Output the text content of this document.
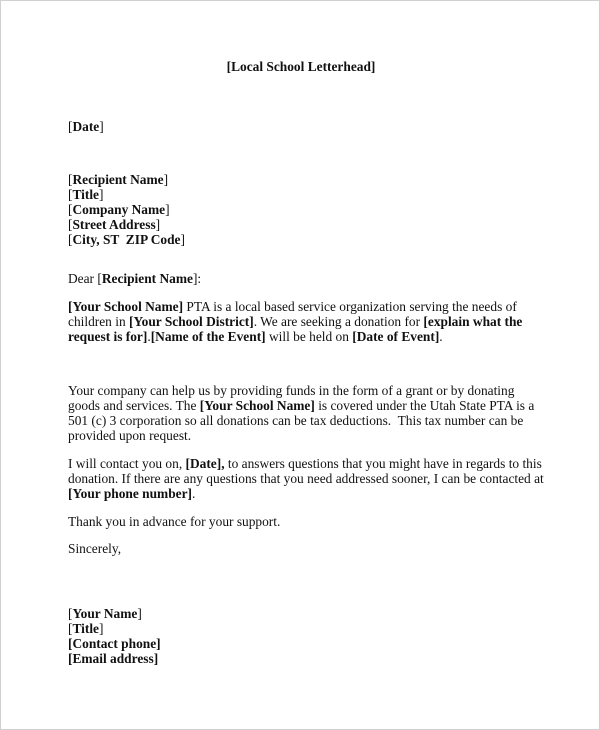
[Local School Letterhead]
[Date]
[Recipient Name]
[Title]
[Company Name]
[Street Address]
[City, ST  ZIP Code]
Dear [Recipient Name]:
[Your School Name] PTA is a local based service organization serving the needs of
children in [Your School District]. We are seeking a donation for [explain what the
request is for].[Name of the Event] will be held on [Date of Event].
Your company can help us by providing funds in the form of a grant or by donating
goods and services. The [Your School Name] is covered under the Utah State PTA is a
501 (c) 3 corporation so all donations can be tax deductions.  This tax number can be
provided upon request.
I will contact you on, [Date], to answers questions that you might have in regards to this
donation. If there are any questions that you need addressed sooner, I can be contacted at
[Your phone number].
Thank you in advance for your support.
Sincerely,
[Your Name]
[Title]
[Contact phone]
[Email address]
